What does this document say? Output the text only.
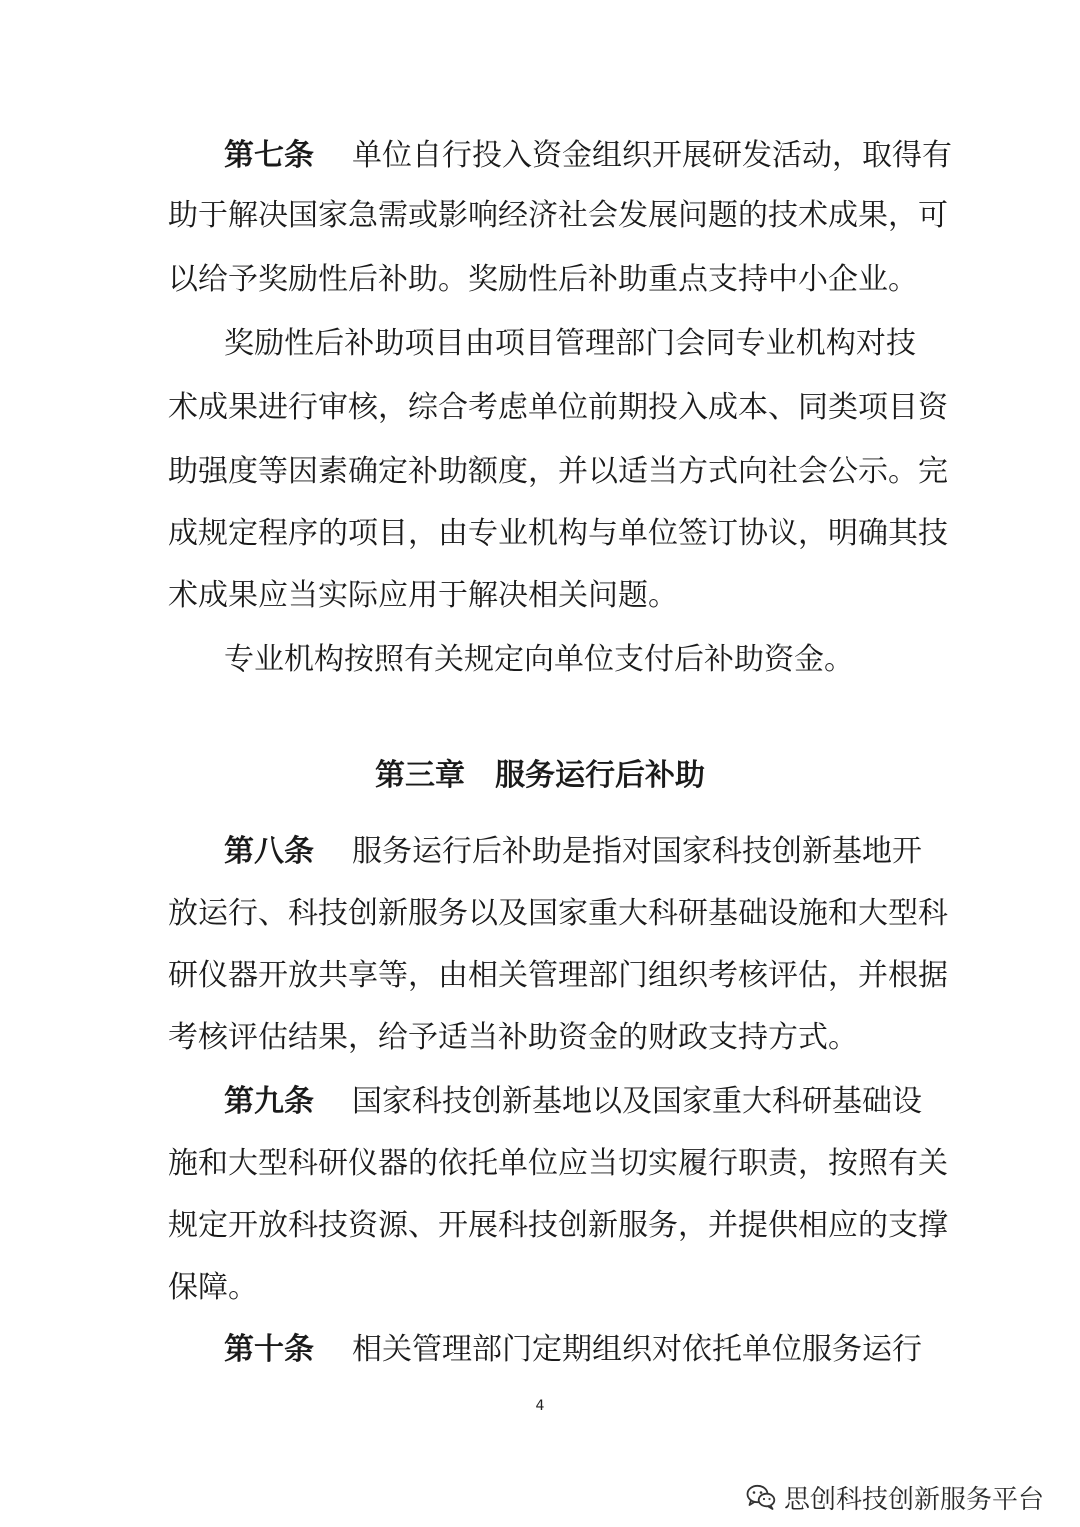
第七条 单位自行投入资金组织开展研发活动，取得有
助于解决国家急需或影响经济社会发展问题的技术成果，可
以给予奖励性后补助。奖励性后补助重点支持中小企业。
奖励性后补助项目由项目管理部门会同专业机构对技
术成果进行审核，综合考虑单位前期投入成本、同类项目资
助强度等因素确定补助额度，并以适当方式向社会公示。完
成规定程序的项目，由专业机构与单位签订协议，明确其技
术成果应当实际应用于解决相关问题。
专业机构按照有关规定向单位支付后补助资金。
第三章 服务运行后补助
第八条 服务运行后补助是指对国家科技创新基地开
放运行、科技创新服务以及国家重大科研基础设施和大型科
研仪器开放共享等，由相关管理部门组织考核评估，并根据
考核评估结果，给予适当补助资金的财政支持方式。
第九条 国家科技创新基地以及国家重大科研基础设
施和大型科研仪器的依托单位应当切实履行职责，按照有关
规定开放科技资源、开展科技创新服务，并提供相应的支撑
保障。
第十条 相关管理部门定期组织对依托单位服务运行
4
思创科技创新服务平台
